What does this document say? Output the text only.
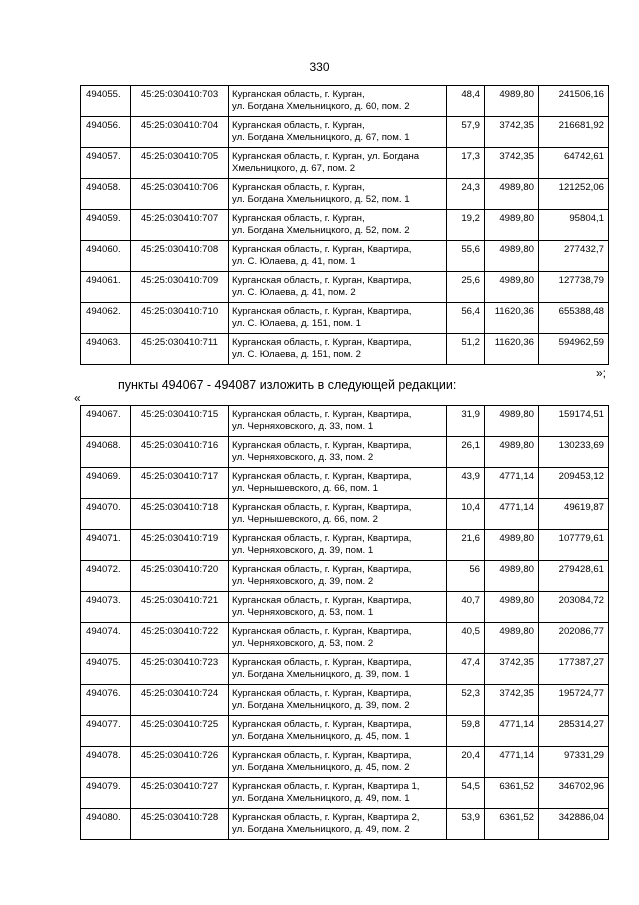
330
494055.	45:25:030410:703	Курганская область, г. Курган,
ул. Богдана Хмельницкого, д. 60, пом. 2	48,4	4989,80	241506,16
494056.	45:25:030410:704	Курганская область, г. Курган,
ул. Богдана Хмельницкого, д. 67, пом. 1	57,9	3742,35	216681,92
494057.	45:25:030410:705	Курганская область, г. Курган, ул. Богдана
Хмельницкого, д. 67, пом. 2	17,3	3742,35	64742,61
494058.	45:25:030410:706	Курганская область, г. Курган,
ул. Богдана Хмельницкого, д. 52, пом. 1	24,3	4989,80	121252,06
494059.	45:25:030410:707	Курганская область, г. Курган,
ул. Богдана Хмельницкого, д. 52, пом. 2	19,2	4989,80	95804,1
494060.	45:25:030410:708	Курганская область, г. Курган, Квартира,
ул. С. Юлаева, д. 41, пом. 1	55,6	4989,80	277432,7
494061.	45:25:030410:709	Курганская область, г. Курган, Квартира,
ул. С. Юлаева, д. 41, пом. 2	25,6	4989,80	127738,79
494062.	45:25:030410:710	Курганская область, г. Курган, Квартира,
ул. С. Юлаева, д. 151, пом. 1	56,4	11620,36	655388,48
494063.	45:25:030410:711	Курганская область, г. Курган, Квартира,
ул. С. Юлаева, д. 151, пом. 2	51,2	11620,36	594962,59
»;
пункты 494067 - 494087 изложить в следующей редакции:
«
494067.	45:25:030410:715	Курганская область, г. Курган, Квартира,
ул. Черняховского, д. 33, пом. 1	31,9	4989,80	159174,51
494068.	45:25:030410:716	Курганская область, г. Курган, Квартира,
ул. Черняховского, д. 33, пом. 2	26,1	4989,80	130233,69
494069.	45:25:030410:717	Курганская область, г. Курган, Квартира,
ул. Чернышевского, д. 66, пом. 1	43,9	4771,14	209453,12
494070.	45:25:030410:718	Курганская область, г. Курган, Квартира,
ул. Чернышевского, д. 66, пом. 2	10,4	4771,14	49619,87
494071.	45:25:030410:719	Курганская область, г. Курган, Квартира,
ул. Черняховского, д. 39, пом. 1	21,6	4989,80	107779,61
494072.	45:25:030410:720	Курганская область, г. Курган, Квартира,
ул. Черняховского, д. 39, пом. 2	56	4989,80	279428,61
494073.	45:25:030410:721	Курганская область, г. Курган, Квартира,
ул. Черняховского, д. 53, пом. 1	40,7	4989,80	203084,72
494074.	45:25:030410:722	Курганская область, г. Курган, Квартира,
ул. Черняховского, д. 53, пом. 2	40,5	4989,80	202086,77
494075.	45:25:030410:723	Курганская область, г. Курган, Квартира,
ул. Богдана Хмельницкого, д. 39, пом. 1	47,4	3742,35	177387,27
494076.	45:25:030410:724	Курганская область, г. Курган, Квартира,
ул. Богдана Хмельницкого, д. 39, пом. 2	52,3	3742,35	195724,77
494077.	45:25:030410:725	Курганская область, г. Курган, Квартира,
ул. Богдана Хмельницкого, д. 45, пом. 1	59,8	4771,14	285314,27
494078.	45:25:030410:726	Курганская область, г. Курган, Квартира,
ул. Богдана Хмельницкого, д. 45, пом. 2	20,4	4771,14	97331,29
494079.	45:25:030410:727	Курганская область, г. Курган, Квартира 1,
ул. Богдана Хмельницкого, д. 49, пом. 1	54,5	6361,52	346702,96
494080.	45:25:030410:728	Курганская область, г. Курган, Квартира 2,
ул. Богдана Хмельницкого, д. 49, пом. 2	53,9	6361,52	342886,04
